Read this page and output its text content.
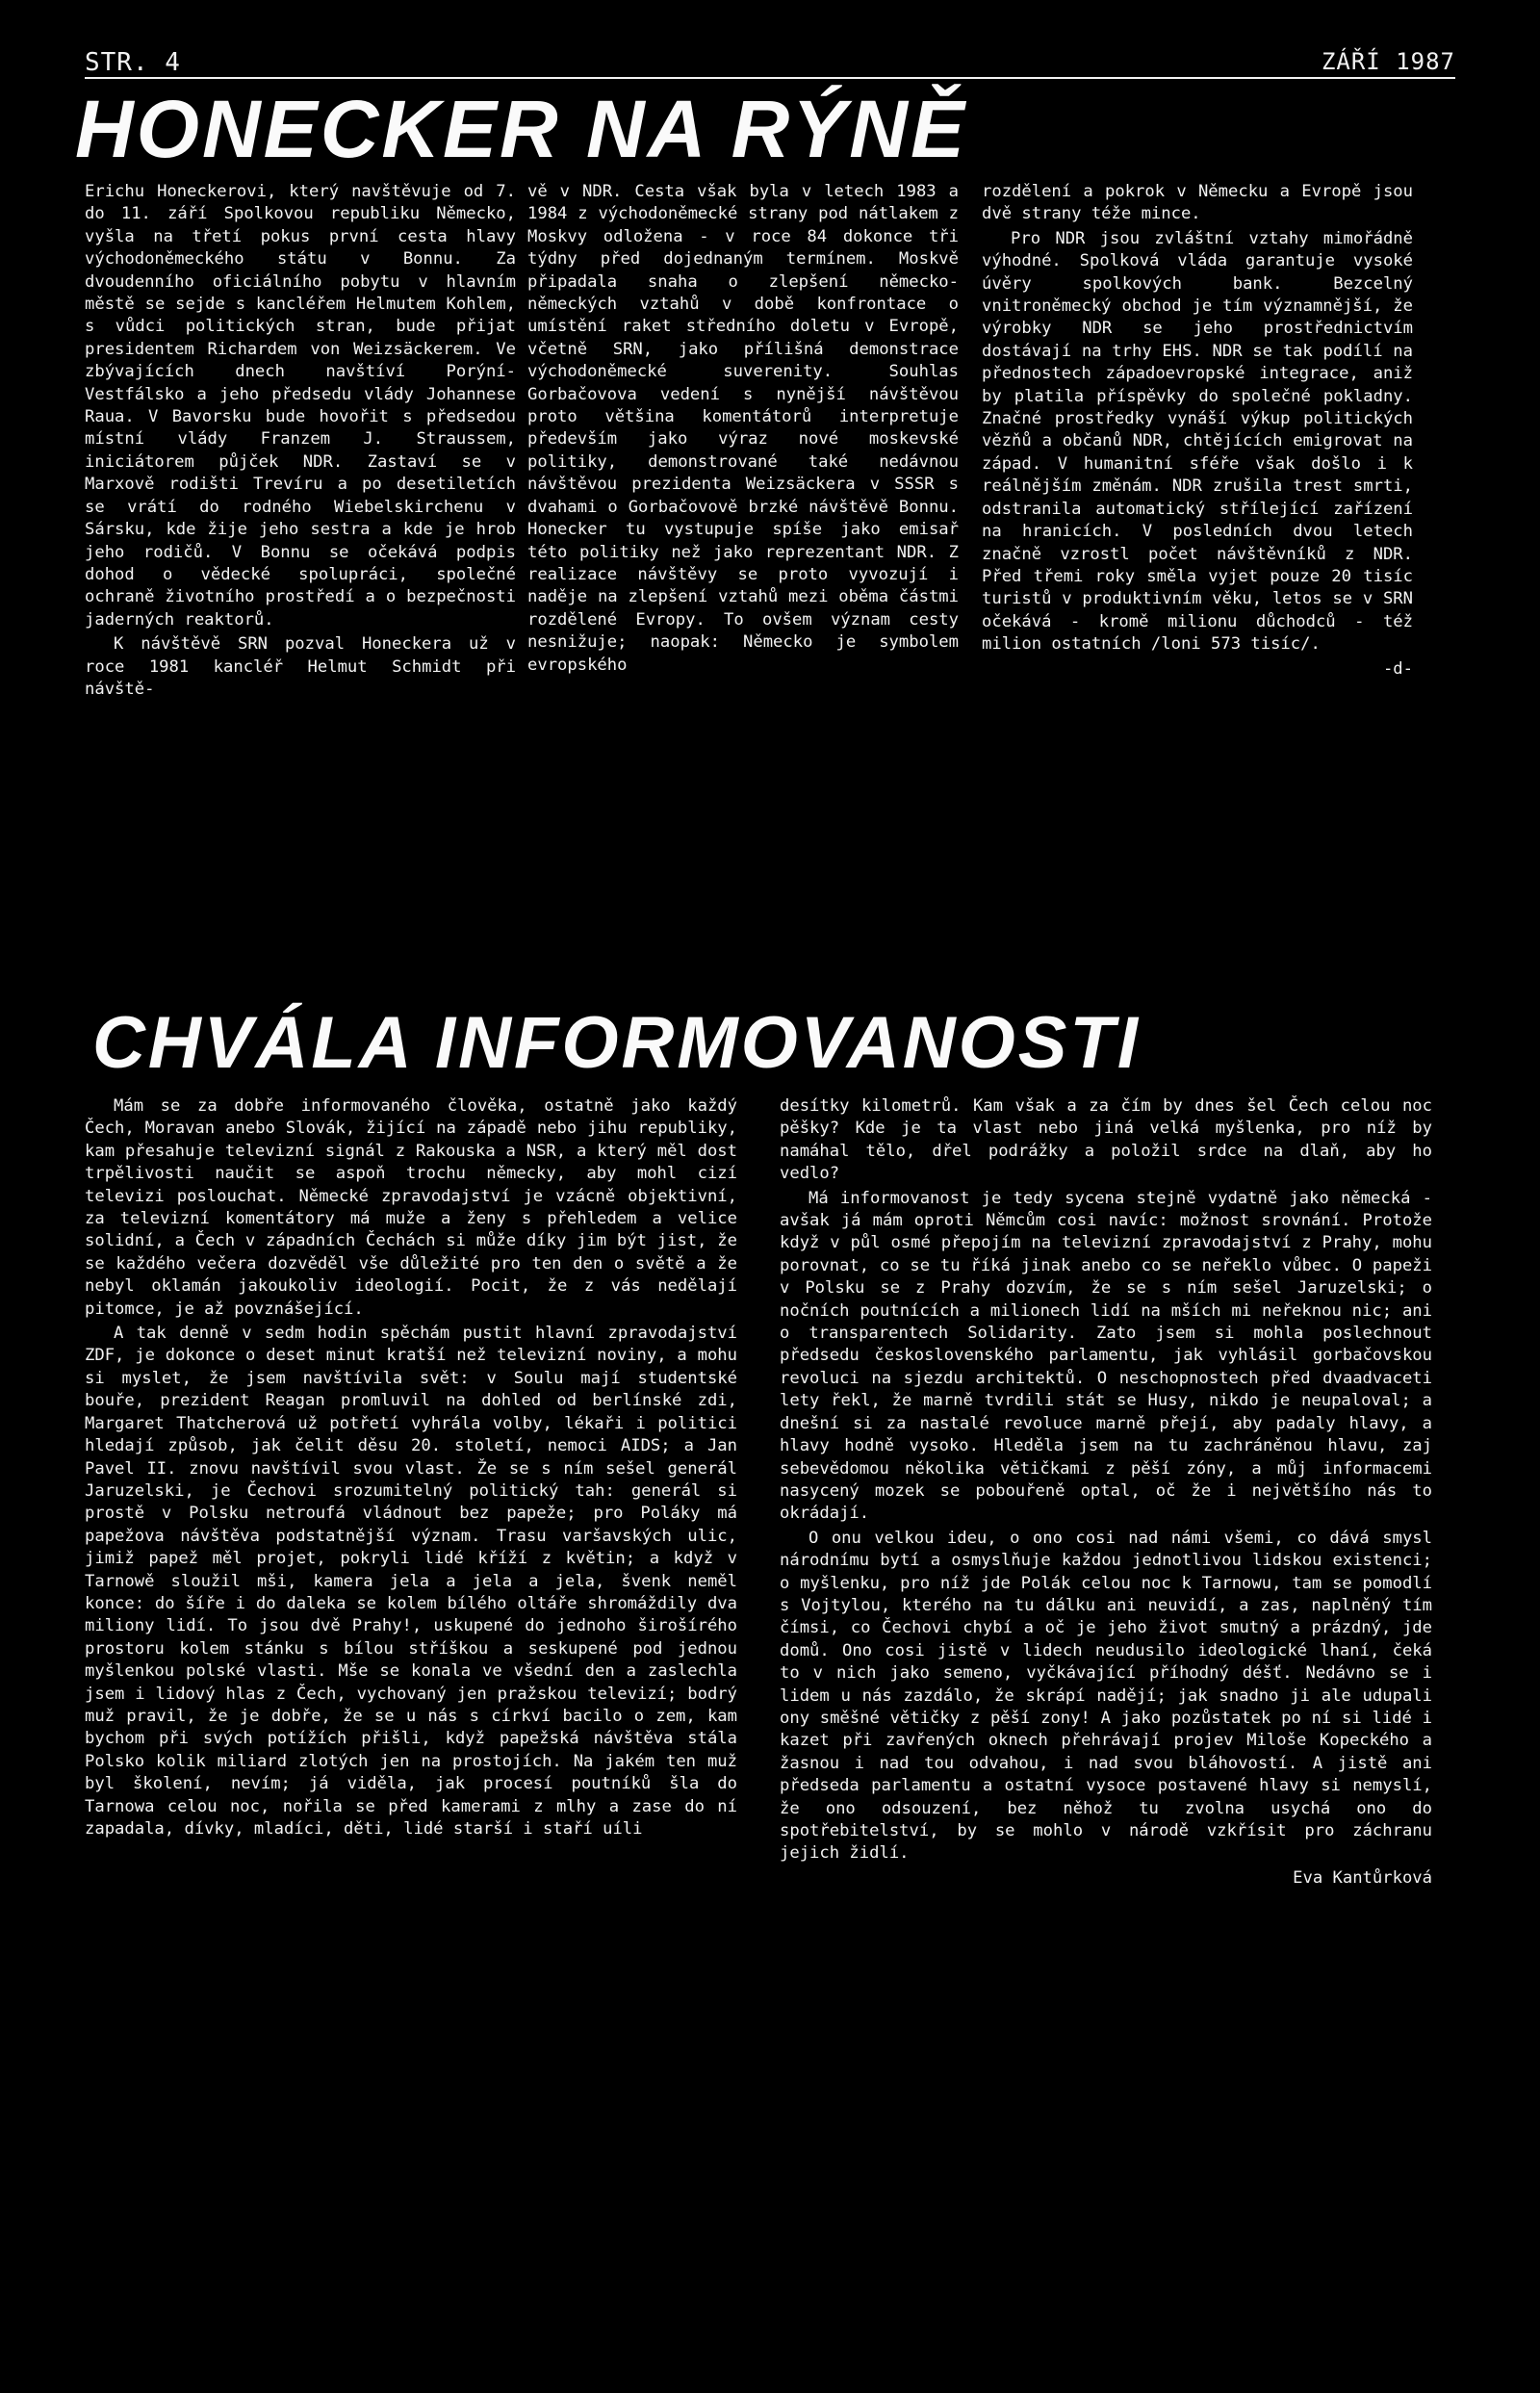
STR. 4	ZÁŘÍ 1987
HONECKER NA RÝNĚ

Erichu Honeckerovi, který navštěvuje od 7. do 11. září Spolkovou republiku Německo, vyšla na třetí pokus první cesta hlavy východoněmeckého státu v Bonnu. Za dvoudenního oficiálního pobytu v hlavním městě se sejde s kancléřem Helmutem Kohlem, s vůdci politických stran, bude přijat presidentem Richardem von Weizsäckerem. Ve zbývajících dnech navštíví Porýní-Vestfálsko a jeho předsedu vlády Johannese Raua. V Bavorsku bude hovořit s předsedou místní vlády Franzem J. Straussem, iniciátorem půjček NDR. Zastaví se v Marxově rodišti Trevíru a po desetiletích se vrátí do rodného Wiebelskirchenu v Sársku, kde žije jeho sestra a kde je hrob jeho rodičů. V Bonnu se očekává podpis dohod o vědecké spolupráci, společné ochraně životního prostředí a o bezpečnosti jaderných reaktorů.

K návštěvě SRN pozval Honeckera už v roce 1981 kancléř Helmut Schmidt při návště-

vě v NDR. Cesta však byla v letech 1983 a 1984 z východoněmecké strany pod nátlakem z Moskvy odložena - v roce 84 dokonce tři týdny před dojednaným termínem. Moskvě připadala snaha o zlepšení německo-německých vztahů v době konfrontace o umístění raket středního doletu v Evropě, včetně SRN, jako přílišná demonstrace východoněmecké suverenity. Souhlas Gorbačovova vedení s nynější návštěvou proto většina komentátorů interpretuje především jako výraz nové moskevské politiky, demonstrované také nedávnou návštěvou prezidenta Weizsäckera v SSSR s dvahami o Gorbačovově brzké návštěvě Bonnu. Honecker tu vystupuje spíše jako emisař této politiky než jako reprezentant NDR. Z realizace návštěvy se proto vyvozují i naděje na zlepšení vztahů mezi oběma částmi rozdělené Evropy. To ovšem význam cesty nesnižuje; naopak: Německo je symbolem evropského

rozdělení a pokrok v Německu a Evropě jsou dvě strany téže mince.

Pro NDR jsou zvláštní vztahy mimořádně výhodné. Spolková vláda garantuje vysoké úvěry spolkových bank. Bezcelný vnitroněmecký obchod je tím významnější, že výrobky NDR se jeho prostřednictvím dostávají na trhy EHS. NDR se tak podílí na přednostech západoevropské integrace, aniž by platila příspěvky do společné pokladny. Značné prostředky vynáší výkup politických vězňů a občanů NDR, chtějících emigrovat na západ. V humanitní sféře však došlo i k reálnějším změnám. NDR zrušila trest smrti, odstranila automatický střílející zařízení na hranicích. V posledních dvou letech značně vzrostl počet návštěvníků z NDR. Před třemi roky směla vyjet pouze 20 tisíc turistů v produktivním věku, letos se v SRN očekává - kromě milionu důchodců - též milion ostatních /loni 573 tisíc/.

-d-

CHVÁLA INFORMOVANOSTI

Mám se za dobře informovaného člověka, ostatně jako každý Čech, Moravan anebo Slovák, žijící na západě nebo jihu republiky, kam přesahuje televizní signál z Rakouska a NSR, a který měl dost trpělivosti naučit se aspoň trochu německy, aby mohl cizí televizi poslouchat. Německé zpravodajství je vzácně objektivní, za televizní komentátory má muže a ženy s přehledem a velice solidní, a Čech v západních Čechách si může díky jim být jist, že se každého večera dozvěděl vše důležité pro ten den o světě a že nebyl oklamán jakoukoliv ideologií. Pocit, že z vás nedělají pitomce, je až povznášející.

A tak denně v sedm hodin spěchám pustit hlavní zpravodajství ZDF, je dokonce o deset minut kratší než televizní noviny, a mohu si myslet, že jsem navštívila svět: v Soulu mají studentské bouře, prezident Reagan promluvil na dohled od berlínské zdi, Margaret Thatcherová už potřetí vyhrála volby, lékaři i politici hledají způsob, jak čelit děsu 20. století, nemoci AIDS; a Jan Pavel II. znovu navštívil svou vlast. Že se s ním sešel generál Jaruzelski, je Čechovi srozumitelný politický tah: generál si prostě v Polsku netroufá vládnout bez papeže; pro Poláky má papežova návštěva podstatnější význam. Trasu varšavských ulic, jimiž papež měl projet, pokryli lidé kříží z květin; a když v Tarnowě sloužil mši, kamera jela a jela a jela, švenk neměl konce: do šíře i do daleka se kolem bílého oltáře shromáždily dva miliony lidí. To jsou dvě Prahy!, uskupené do jednoho širošírého prostoru kolem stánku s bílou stříškou a seskupené pod jednou myšlenkou polské vlasti. Mše se konala ve všední den a zaslechla jsem i lidový hlas z Čech, vychovaný jen pražskou televizí; bodrý muž pravil, že je dobře, že se u nás s církví bacilo o zem, kam bychom při svých potížích přišli, když papežská návštěva stála Polsko kolik miliard zlotých jen na prostojích. Na jakém ten muž byl školení, nevím; já viděla, jak procesí poutníků šla do Tarnowa celou noc, nořila se před kamerami z mlhy a zase do ní zapadala, dívky, mladíci, děti, lidé starší i staří uíli

desítky kilometrů. Kam však a za čím by dnes šel Čech celou noc pěšky? Kde je ta vlast nebo jiná velká myšlenka, pro níž by namáhal tělo, dřel podrážky a položil srdce na dlaň, aby ho vedlo?

Má informovanost je tedy sycena stejně vydatně jako německá - avšak já mám oproti Němcům cosi navíc: možnost srovnání. Protože když v půl osmé přepojím na televizní zpravodajství z Prahy, mohu porovnat, co se tu říká jinak anebo co se neřeklo vůbec. O papeži v Polsku se z Prahy dozvím, že se s ním sešel Jaruzelski; o nočních poutnících a milionech lidí na mších mi neřeknou nic; ani o transparentech Solidarity. Zato jsem si mohla poslechnout předsedu československého parlamentu, jak vyhlásil gorbačovskou revoluci na sjezdu architektů. O neschopnostech před dvaadvaceti lety řekl, že marně tvrdili stát se Husy, nikdo je neupaloval; a dnešní si za nastalé revoluce marně přejí, aby padaly hlavy, a hlavy hodně vysoko. Hleděla jsem na tu zachráněnou hlavu, zaj sebevědomou několika větičkami z pěší zóny, a můj informacemi nasycený mozek se pobouřeně optal, oč že i největšího nás to okrádají.

O onu velkou ideu, o ono cosi nad námi všemi, co dává smysl národnímu bytí a osmyslňuje každou jednotlivou lidskou existenci; o myšlenku, pro níž jde Polák celou noc k Tarnowu, tam se pomodlí s Vojtylou, kterého na tu dálku ani neuvidí, a zas, naplněný tím čímsi, co Čechovi chybí a oč je jeho život smutný a prázdný, jde domů. Ono cosi jistě v lidech neudusilo ideologické lhaní, čeká to v nich jako semeno, vyčkávající příhodný déšť. Nedávno se i lidem u nás zazdálo, že skrápí nadějí; jak snadno ji ale udupali ony směšné větičky z pěší zony! A jako pozůstatek po ní si lidé i kazet při zavřených oknech přehrávají projev Miloše Kopeckého a žasnou i nad tou odvahou, i nad svou bláhovostí. A jistě ani předseda parlamentu a ostatní vysoce postavené hlavy si nemyslí, že ono odsouzení, bez něhož tu zvolna usychá ono do spotřebitelství, by se mohlo v národě vzkřísit pro záchranu jejich židlí.

Eva Kantůrková
